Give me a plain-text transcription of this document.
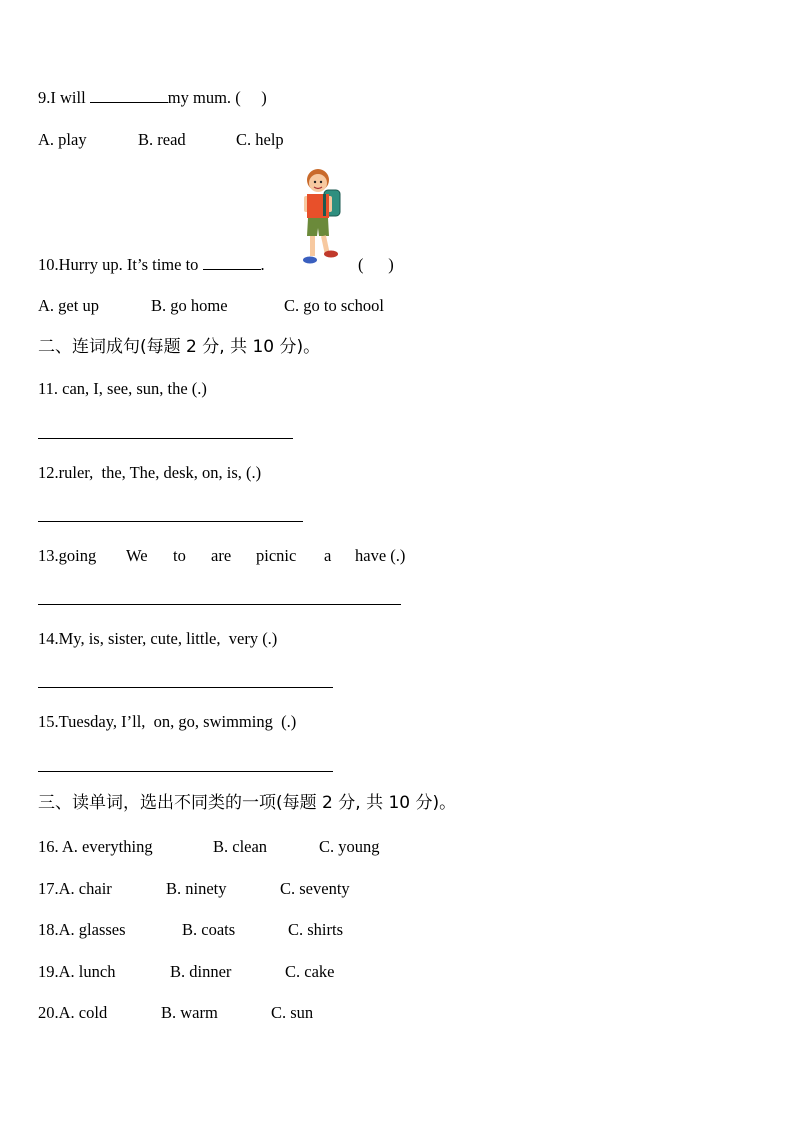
9.I will	my mum. (     )
A. play	B. read	C. help
10.Hurry up. It’s time to	.	(      )
A. get up	B. go home	C. go to school
二、连词成句(每题 2 分, 共 10 分)。
11. can, I, see, sun, the (.)
12.ruler,  the, The, desk, on, is, (.)
13.going We to are picnic a have (.)
14.My, is, sister, cute, little,  very (.)
15.Tuesday, I’ll,  on, go, swimming  (.)
三、读单词，选出不同类的一项(每题 2 分, 共 10 分)。
16. A. everything	B. clean	C. young
17.A. chair	B. ninety	C. seventy
18.A. glasses	B. coats	C. shirts
19.A. lunch	B. dinner	C. cake
20.A. cold	B. warm	C. sun
